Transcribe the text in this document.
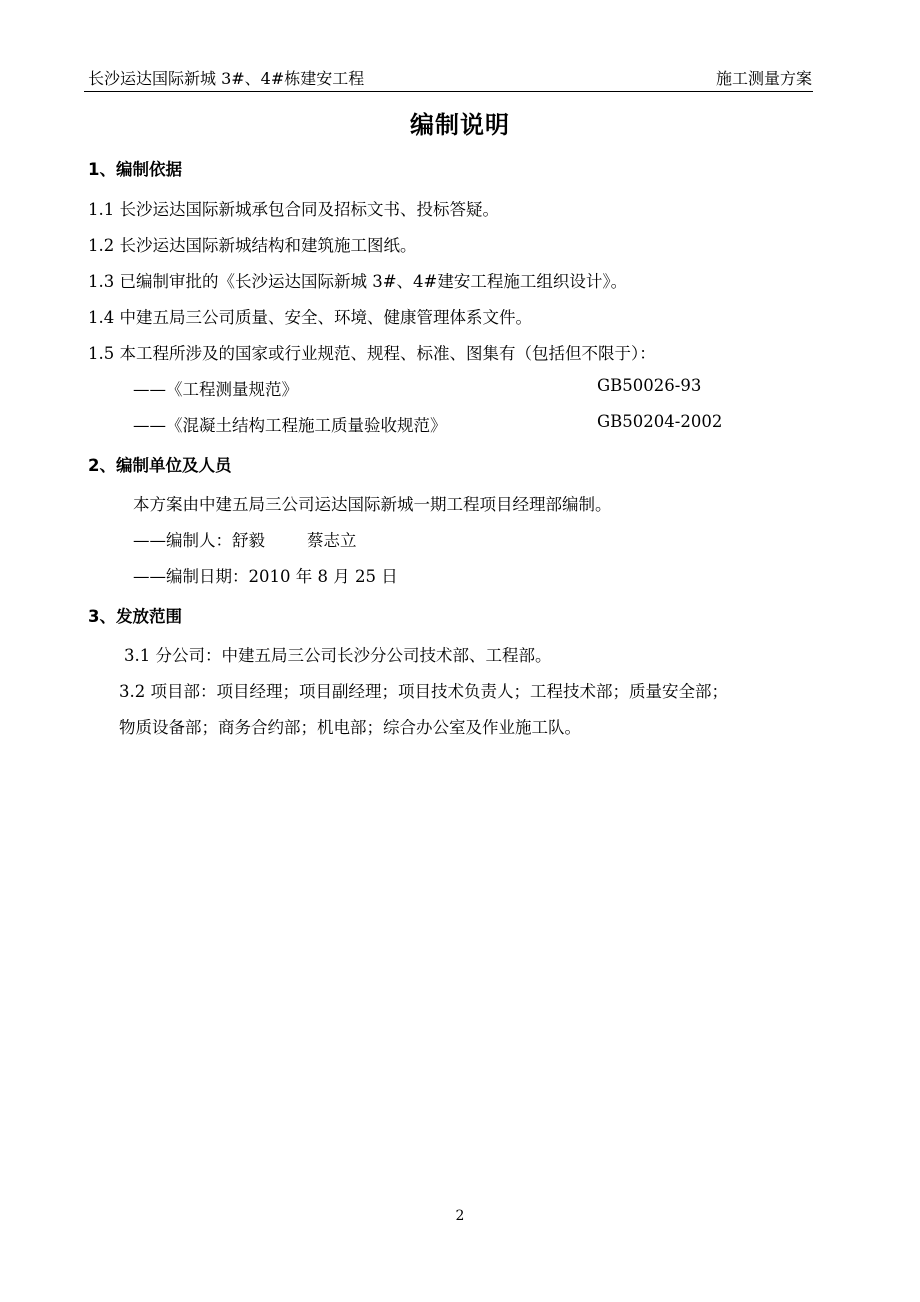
长沙运达国际新城 3#、4#栋建安工程	施工测量方案
编制说明
1、编制依据
1.1 长沙运达国际新城承包合同及招标文书、投标答疑。
1.2 长沙运达国际新城结构和建筑施工图纸。
1.3 已编制审批的《长沙运达国际新城 3#、4#建安工程施工组织设计》。
1.4 中建五局三公司质量、安全、环境、健康管理体系文件。
1.5 本工程所涉及的国家或行业规范、规程、标准、图集有（包括但不限于）：
——《工程测量规范》	GB50026-93
——《混凝土结构工程施工质量验收规范》	GB50204-2002
2、编制单位及人员
本方案由中建五局三公司运达国际新城一期工程项目经理部编制。
——编制人：舒毅        蔡志立
——编制日期：2010 年 8 月 25 日
3、发放范围
3.1 分公司：中建五局三公司长沙分公司技术部、工程部。
3.2 项目部：项目经理；项目副经理；项目技术负责人；工程技术部；质量安全部；
物质设备部；商务合约部；机电部；综合办公室及作业施工队。
2
